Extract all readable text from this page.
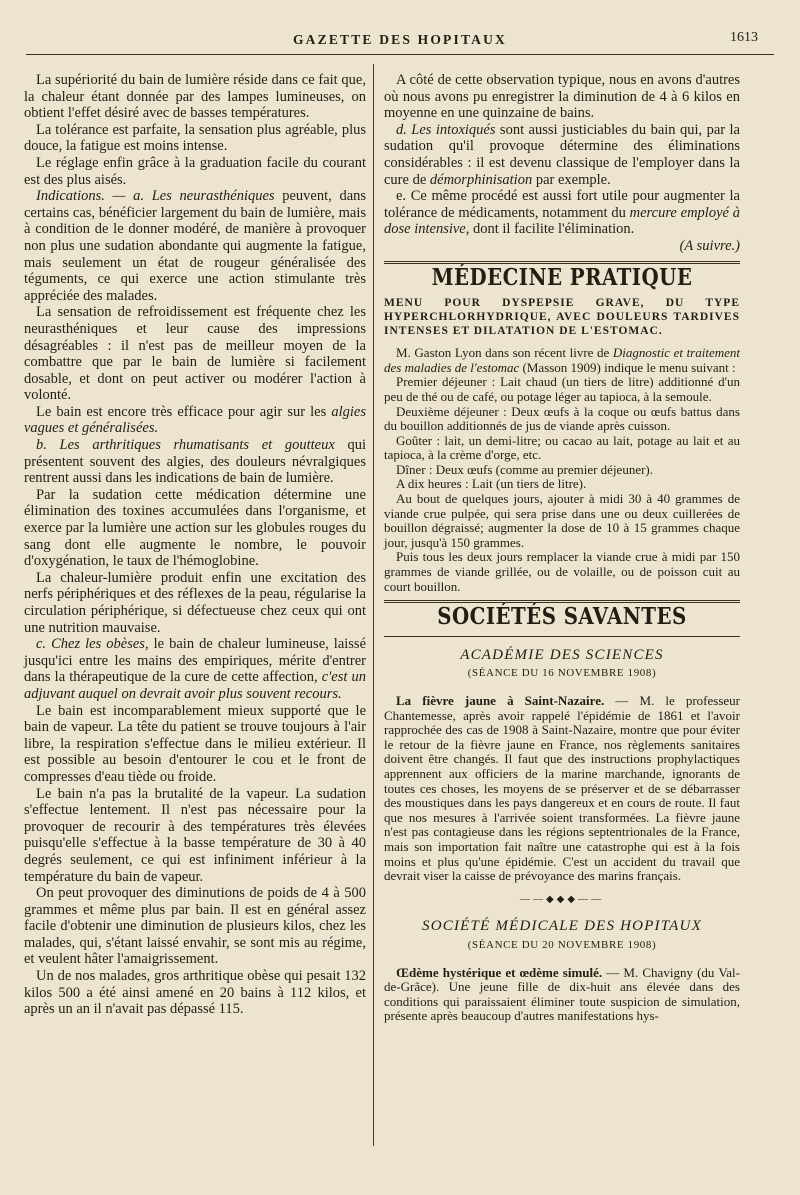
GAZETTE DES HOPITAUX	1613

La supériorité du bain de lumière réside dans ce fait que, la chaleur étant donnée par des lampes lumineuses, on obtient l'effet désiré avec de basses températures.

La tolérance est parfaite, la sensation plus agréable, plus douce, la fatigue est moins intense.

Le réglage enfin grâce à la graduation facile du courant est des plus aisés.

Indications. — a. Les neurasthéniques peuvent, dans certains cas, bénéficier largement du bain de lumière, mais à condition de le donner modéré, de manière à provoquer non plus une sudation abondante qui augmente la fatigue, mais seulement un état de rougeur généralisée des téguments, ce qui exerce une action stimulante très appréciée des malades.

La sensation de refroidissement est fréquente chez les neurasthéniques et leur cause des impressions désagréables : il n'est pas de meilleur moyen de la combattre que par le bain de lumière si facilement dosable, et dont on peut activer ou modérer l'action à volonté.

Le bain est encore très efficace pour agir sur les algies vagues et généralisées.

b. Les arthritiques rhumatisants et goutteux qui présentent souvent des algies, des douleurs névralgiques rentrent aussi dans les indications de bain de lumière.

Par la sudation cette médication détermine une élimination des toxines accumulées dans l'organisme, et exerce par la lumière une action sur les globules rouges du sang dont elle augmente le nombre, le pouvoir d'oxygénation, le taux de l'hémoglobine.

La chaleur-lumière produit enfin une excitation des nerfs périphériques et des réflexes de la peau, régularise la circulation périphérique, si défectueuse chez ceux qui ont une nutrition mauvaise.

c. Chez les obèses, le bain de chaleur lumineuse, laissé jusqu'ici entre les mains des empiriques, mérite d'entrer dans la thérapeutique de la cure de cette affection, c'est un adjuvant auquel on devrait avoir plus souvent recours.

Le bain est incomparablement mieux supporté que le bain de vapeur. La tête du patient se trouve toujours à l'air libre, la respiration s'effectue dans le milieu extérieur. Il est possible au besoin d'entourer le cou et le front de compresses d'eau tiède ou froide.

Le bain n'a pas la brutalité de la vapeur. La sudation s'effectue lentement. Il n'est pas nécessaire pour la provoquer de recourir à des températures très élevées puisqu'elle s'effectue à la basse température de 30 à 40 degrés seulement, ce qui est infiniment inférieur à la température du bain de vapeur.

On peut provoquer des diminutions de poids de 4 à 500 grammes et même plus par bain. Il est en général assez facile d'obtenir une diminution de plusieurs kilos, chez les malades, qui, s'étant laissé envahir, se sont mis au régime, et veulent hâter l'amaigrissement.

Un de nos malades, gros arthritique obèse qui pesait 132 kilos 500 a été ainsi amené en 20 bains à 112 kilos, et après un an il n'avait pas dépassé 115.

A côté de cette observation typique, nous en avons d'autres où nous avons pu enregistrer la diminution de 4 à 6 kilos en moyenne en une quinzaine de bains.

d. Les intoxiqués sont aussi justiciables du bain qui, par la sudation qu'il provoque détermine des éliminations considérables : il est devenu classique de l'employer dans la cure de démorphinisation par exemple.

e. Ce même procédé est aussi fort utile pour augmenter la tolérance de médicaments, notamment du mercure employé à dose intensive, dont il facilite l'élimination.

(A suivre.)
MÉDECINE PRATIQUE
MENU POUR DYSPEPSIE GRAVE, DU TYPE HYPERCHLORHYDRIQUE, AVEC DOULEURS TARDIVES INTENSES ET DILATATION DE L'ESTOMAC.

M. Gaston Lyon dans son récent livre de Diagnostic et traitement des maladies de l'estomac (Masson 1909) indique le menu suivant :

Premier déjeuner : Lait chaud (un tiers de litre) additionné d'un peu de thé ou de café, ou potage léger au tapioca, à la semoule.

Deuxième déjeuner : Deux œufs à la coque ou œufs battus dans du bouillon additionnés de jus de viande après cuisson.

Goûter : lait, un demi-litre; ou cacao au lait, potage au lait et au tapioca, à la crème d'orge, etc.

Dîner : Deux œufs (comme au premier déjeuner).

A dix heures : Lait (un tiers de litre).

Au bout de quelques jours, ajouter à midi 30 à 40 grammes de viande crue pulpée, qui sera prise dans une ou deux cuillerées de bouillon dégraissé; augmenter la dose de 10 à 15 grammes chaque jour, jusqu'à 150 grammes.

Puis tous les deux jours remplacer la viande crue à midi par 150 grammes de viande grillée, ou de volaille, ou de poisson cuit au court bouillon.

SOCIÉTÉS SAVANTES
ACADÉMIE DES SCIENCES
(SÉANCE DU 16 NOVEMBRE 1908)

La fièvre jaune à Saint-Nazaire. — M. le professeur Chantemesse, après avoir rappelé l'épidémie de 1861 et l'avoir rapprochée des cas de 1908 à Saint-Nazaire, montre que pour éviter le retour de la fièvre jaune en France, nos règlements sanitaires doivent être changés. Il faut que des instructions prophylactiques apprennent aux officiers de la marine marchande, ignorants de toutes ces choses, les moyens de se préserver et de se débarrasser des moustiques dans les pays dangereux et en cours de route. Il faut que nos mesures à l'arrivée soient transformées. La fièvre jaune n'est pas contagieuse dans les régions septentrionales de la France, mais son importation fait naître une catastrophe qui est à la fois moins et plus qu'une épidémie. C'est un accident du travail que devrait viser la caisse de prévoyance des marins français.

——◆◆◆——
SOCIÉTÉ MÉDICALE DES HOPITAUX
(SÉANCE DU 20 NOVEMBRE 1908)

Œdème hystérique et œdème simulé. — M. Chavigny (du Val-de-Grâce). Une jeune fille de dix-huit ans élevée dans des conditions qui paraissaient éliminer toute suspicion de simulation, présente après beaucoup d'autres manifestations hys-
